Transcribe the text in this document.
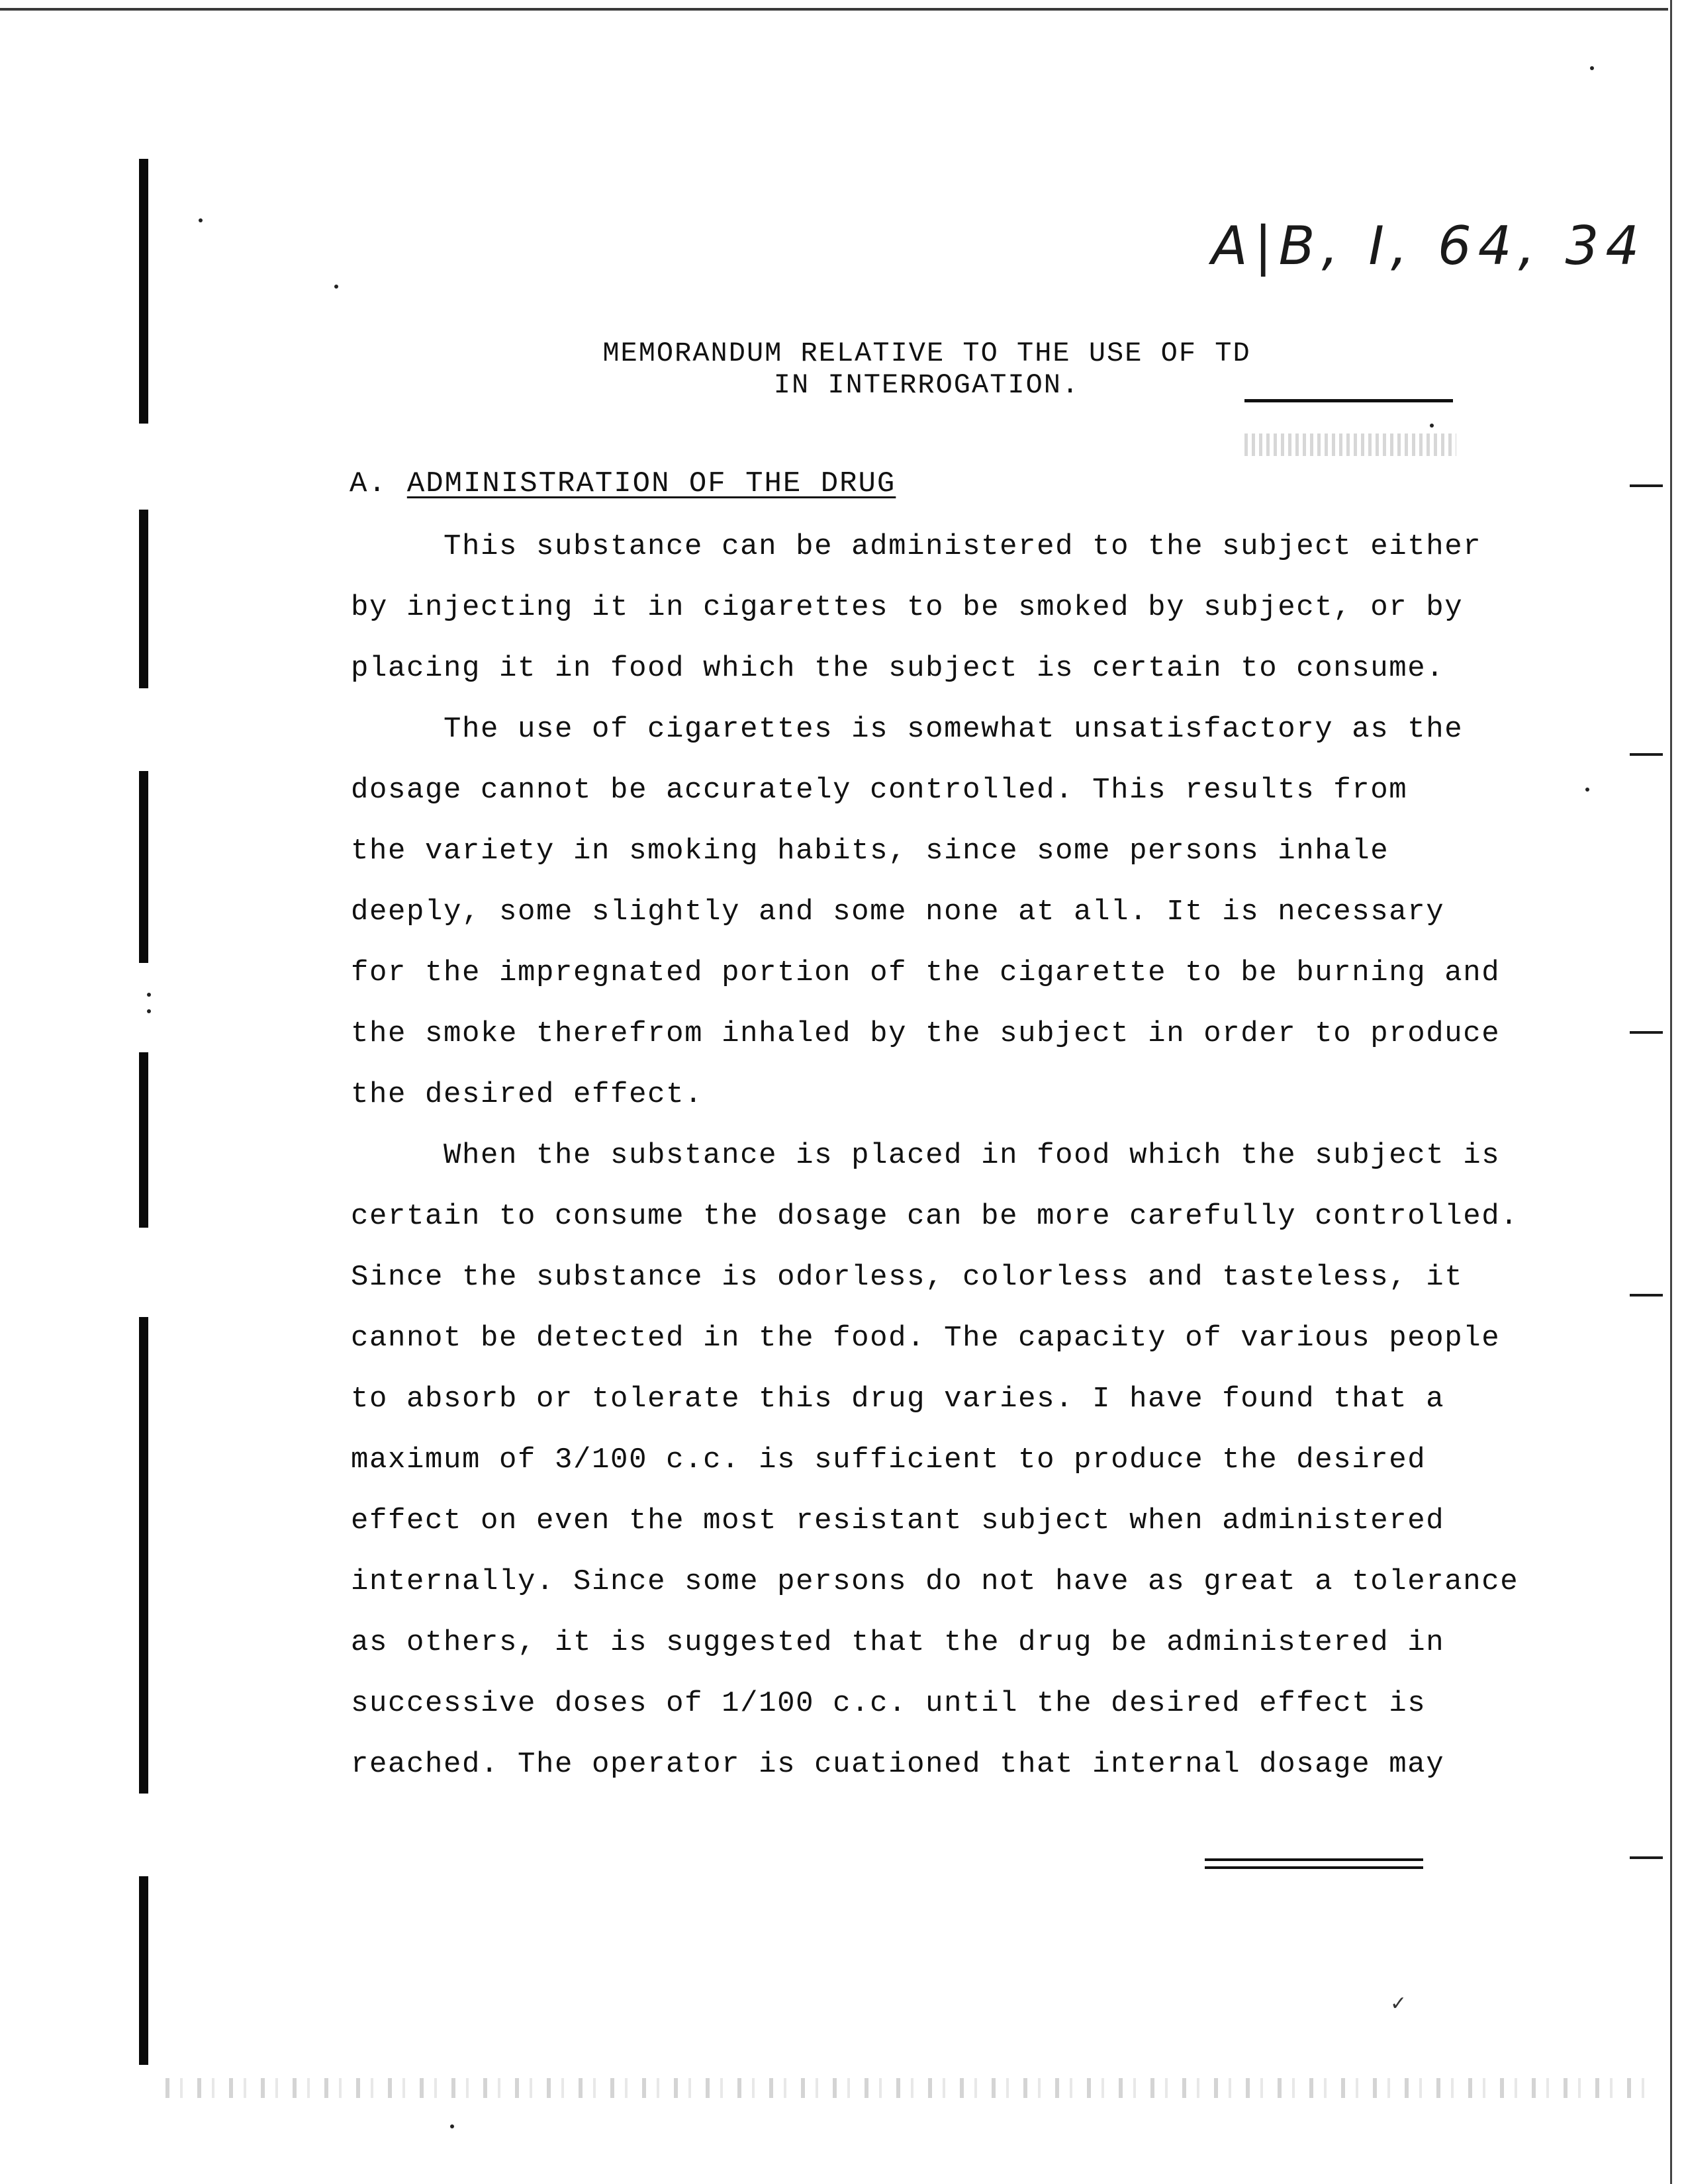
A|B, I, 64, 34
MEMORANDUM RELATIVE TO THE USE OF TD
IN INTERROGATION.
A. ADMINISTRATION OF THE DRUG
This substance can be administered to the subject either
by injecting it in cigarettes to be smoked by subject, or by
placing it in food which the subject is certain to consume.
The use of cigarettes is somewhat unsatisfactory as the
dosage cannot be accurately controlled. This results from
the variety in smoking habits, since some persons inhale
deeply, some slightly and some none at all. It is necessary
for the impregnated portion of the cigarette to be burning and
the smoke therefrom inhaled by the subject in order to produce
the desired effect.
When the substance is placed in food which the subject is
certain to consume the dosage can be more carefully controlled.
Since the substance is odorless, colorless and tasteless, it
cannot be detected in the food. The capacity of various people
to absorb or tolerate this drug varies. I have found that a
maximum of 3/100 c.c. is sufficient to produce the desired
effect on even the most resistant subject when administered
internally. Since some persons do not have as great a tolerance
as others, it is suggested that the drug be administered in
successive doses of 1/100 c.c. until the desired effect is
reached. The operator is cuationed that internal dosage may
✓
